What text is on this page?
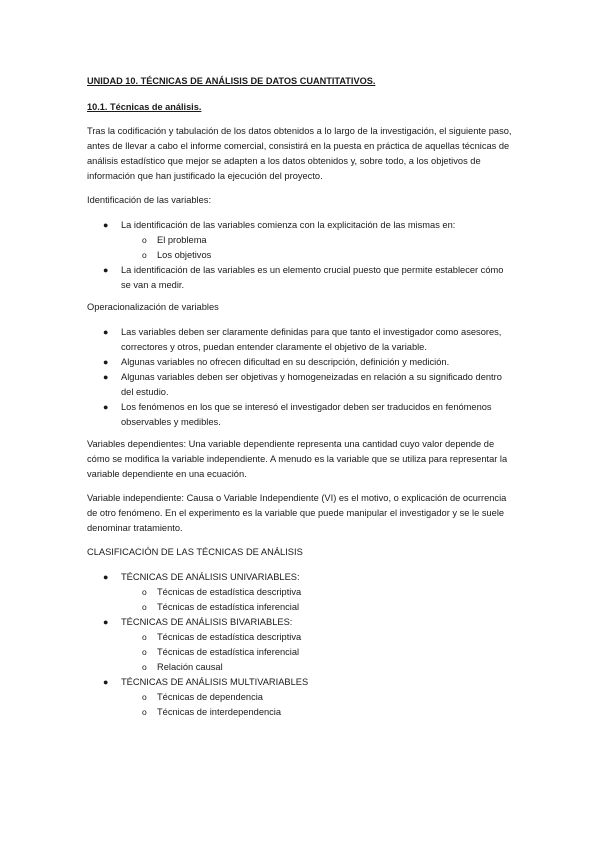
UNIDAD 10. TÉCNICAS DE ANÁLISIS DE DATOS CUANTITATIVOS.
10.1. Técnicas de análisis.

Tras la codificación y tabulación de los datos obtenidos a lo largo de la investigación, el siguiente paso, antes de llevar a cabo el informe comercial, consistirá en la puesta en práctica de aquellas técnicas de análisis estadístico que mejor se adapten a los datos obtenidos y, sobre todo, a los objetivos de información que han justificado la ejecución del proyecto.

Identificación de las variables:

● La identificación de las variables comienza con la explicitación de las mismas en:
o El problema
o Los objetivos
● La identificación de las variables es un elemento crucial puesto que permite establecer cómo se van a medir.

Operacionalización de variables

● Las variables deben ser claramente definidas para que tanto el investigador como asesores, correctores y otros, puedan entender claramente el objetivo de la variable.
● Algunas variables no ofrecen dificultad en su descripción, definición y medición.
● Algunas variables deben ser objetivas y homogeneizadas en relación a su significado dentro del estudio.
● Los fenómenos en los que se interesó el investigador deben ser traducidos en fenómenos observables y medibles.

Variables dependientes: Una variable dependiente representa una cantidad cuyo valor depende de cómo se modifica la variable independiente. A menudo es la variable que se utiliza para representar la variable dependiente en una ecuación.

Variable independiente: Causa o Variable Independiente (VI) es el motivo, o explicación de ocurrencia de otro fenómeno. En el experimento es la variable que puede manipular el investigador y se le suele denominar tratamiento.

CLASIFICACIÓN DE LAS TÉCNICAS DE ANÁLISIS

● TÉCNICAS DE ANÁLISIS UNIVARIABLES:
o Técnicas de estadística descriptiva
o Técnicas de estadística inferencial
● TÉCNICAS DE ANÁLISIS BIVARIABLES:
o Técnicas de estadística descriptiva
o Técnicas de estadística inferencial
o Relación causal
● TÉCNICAS DE ANÁLISIS MULTIVARIABLES
o Técnicas de dependencia
o Técnicas de interdependencia
